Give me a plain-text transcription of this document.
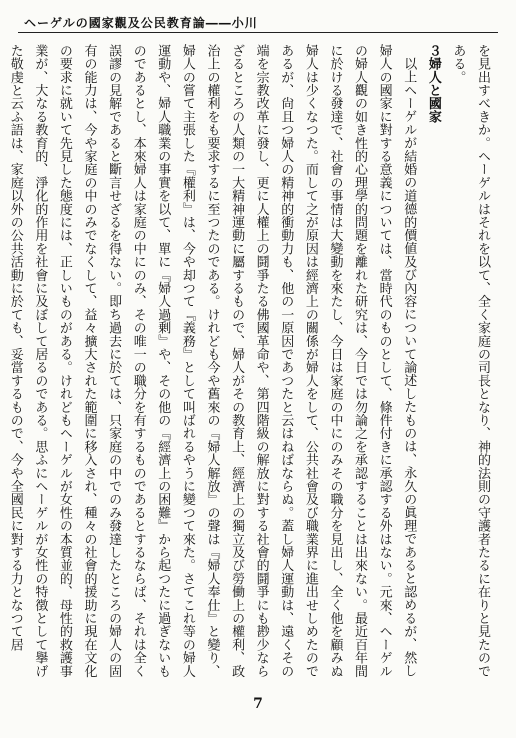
ヘーゲルの國家觀及公民教育論――小川

を見出すべきか。ヘーゲルはそれを以て、全く家庭の司長となり、神的法則の守護者たるに在りと見たのである。

３婦人と國家

以上ヘーゲルが結婚の道德的價値及び內容について論述したものは、永久の眞理であると認めるが、然し婦人の國家に對する意義については、當時代のものとして、條件付きに承認する外はない。元來、ヘーゲルの婦人觀の如き性的心理學的問題を離れた研究は、今日では勿論之を承認することは出來ない。最近百年間に於ける發達で、社會の事情は大變動を來たし、今日は家庭の中にのみその職分を見出し、全く他を顧みぬ婦人は少くなつた。而して之が原因は經濟上の關係が婦人をして、公共社會及び職業界に進出せしめたのであるが、尙且つ婦人の精神的衝動力も、他の一原因であつたと云はねばならぬ。蓋し婦人運動は、遠くその端を宗教改革に發し、更に人權上の鬪爭たる佛國革命や、第四階級の解放に對する社會的鬪爭にも尠少ならざるところの人類の一大精神運動に屬するもので、婦人がその教育上、經濟上の獨立及び勞働上の權利、政治上の權利をも要求するに至つたのである。けれども今や舊來の『婦人解放』の聲は『婦人奉仕』と變り、婦人の嘗て主張した『權利』は、今や却つて『義務』として叫ばれるやうに變つて來た。さてこれ等の婦人運動や、婦人職業の事實を以て、單に『婦人過剰』や、その他の『經濟上の困難』から起つたに過ぎないものであるとし、本來婦人は家庭の中にのみ、その唯一の職分を有するものであるとするならば、それは全く誤謬の見解であると斷言せざるを得ない。即ち過去に於ては、只家庭の中でのみ發達したところの婦人の固有の能力は、今や家庭の中のみでなくして、益々擴大された範圍に移入され、種々の社會的援助に現在文化の要求に就いて先見した態度には、正しいものがある。けれどもヘーゲルが女性の本質並的、母性的救護事業が、大なる教育的、淨化的作用を社會に及ぼして居るのである。思ふにヘーゲルが女性の特徴として擧げた敬虔と云ふ語は、家庭以外の公共活動に於ても、妥當するもので、今や全國民に對する力となつて居

7
